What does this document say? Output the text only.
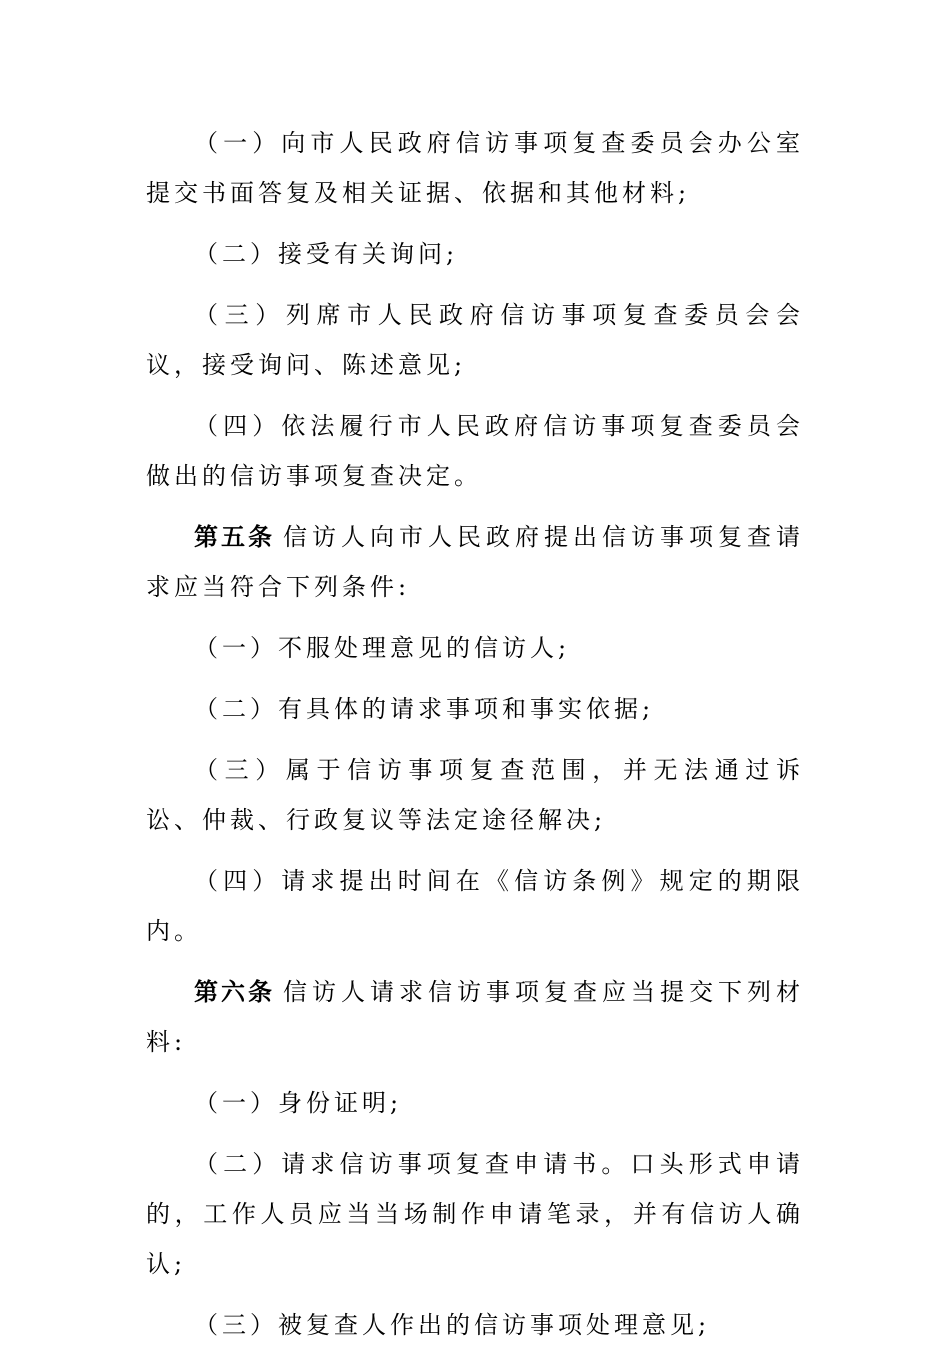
（一）向市人民政府信访事项复查委员会办公室提交书面答复及相关证据、依据和其他材料;

（二）接受有关询问;

（三）列席市人民政府信访事项复查委员会会议，接受询问、陈述意见;

（四）依法履行市人民政府信访事项复查委员会做出的信访事项复查决定。

第五条 信访人向市人民政府提出信访事项复查请求应当符合下列条件:

（一）不服处理意见的信访人;

（二）有具体的请求事项和事实依据;

（三）属于信访事项复查范围，并无法通过诉讼、仲裁、行政复议等法定途径解决;

（四）请求提出时间在《信访条例》规定的期限内。

第六条 信访人请求信访事项复查应当提交下列材料:

（一）身份证明;

（二）请求信访事项复查申请书。口头形式申请的，工作人员应当当场制作申请笔录，并有信访人确认;

（三）被复查人作出的信访事项处理意见;
